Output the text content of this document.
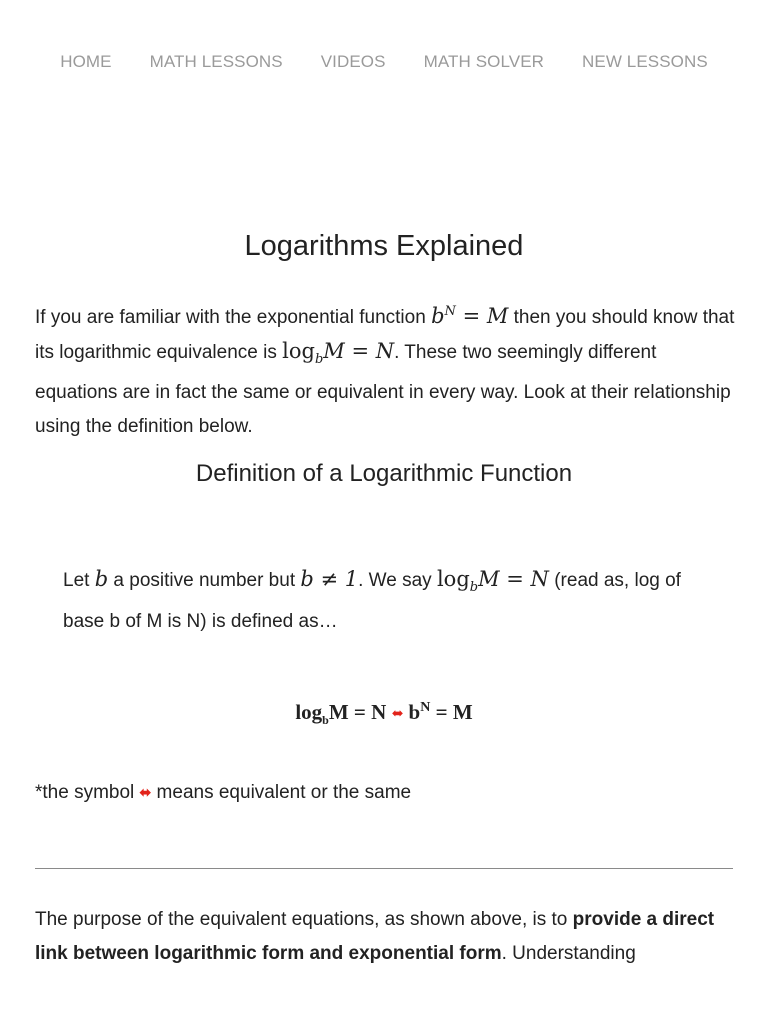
HOME MATH LESSONS VIDEOS MATH SOLVER NEW LESSONS
Logarithms Explained

If you are familiar with the exponential function $b^N = M$ then you should know that its logarithmic equivalence is $\log_bM = N$. These two seemingly different equations are in fact the same or equivalent in every way. Look at their relationship using the definition below.

Definition of a Logarithmic Function

Let b a positive number but b ≠ 1. We say $\log_bM = N$ (read as, log of base b of M is N) is defined as…

$\log_bM = N$ ⬌ $b^N = M$

*the symbol ⬌ means equivalent or the same

The purpose of the equivalent equations, as shown above, is to provide a direct link between logarithmic form and exponential form. Understanding
